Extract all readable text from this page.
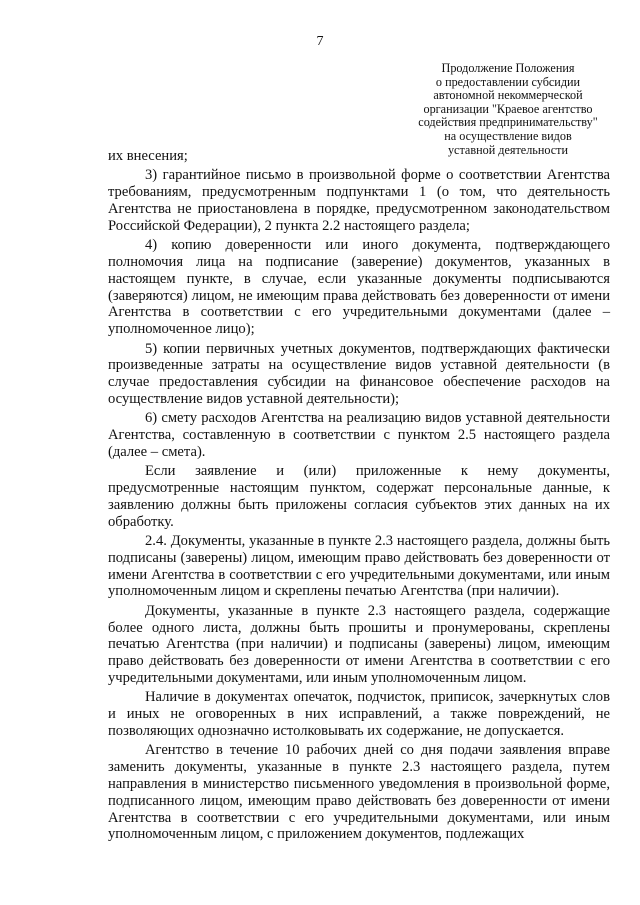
7
Продолжение Положения
о предоставлении субсидии
автономной некоммерческой
организации "Краевое агентство
содействия предпринимательству"
на осуществление видов
уставной деятельности

их внесения;

3) гарантийное письмо в произвольной форме о соответствии Агентства требованиям, предусмотренным подпунктами 1 (о том, что деятельность Агентства не приостановлена в порядке, предусмотренном законодательством Российской Федерации), 2 пункта 2.2 настоящего раздела;

4) копию доверенности или иного документа, подтверждающего полномочия лица на подписание (заверение) документов, указанных в настоящем пункте, в случае, если указанные документы подписываются (заверяются) лицом, не имеющим права действовать без доверенности от имени Агентства в соответствии с его учредительными документами (далее – уполномоченное лицо);

5) копии первичных учетных документов, подтверждающих фактически произведенные затраты на осуществление видов уставной деятельности (в случае предоставления субсидии на финансовое обеспечение расходов на осуществление видов уставной деятельности);

6) смету расходов Агентства на реализацию видов уставной деятельности Агентства, составленную в соответствии с пунктом 2.5 настоящего раздела (далее – смета).

Если заявление и (или) приложенные к нему документы, предусмотренные настоящим пунктом, содержат персональные данные, к заявлению должны быть приложены согласия субъектов этих данных на их обработку.

2.4. Документы, указанные в пункте 2.3 настоящего раздела, должны быть подписаны (заверены) лицом, имеющим право действовать без доверенности от имени Агентства в соответствии с его учредительными документами, или иным уполномоченным лицом и скреплены печатью Агентства (при наличии).

Документы, указанные в пункте 2.3 настоящего раздела, содержащие более одного листа, должны быть прошиты и пронумерованы, скреплены печатью Агентства (при наличии) и подписаны (заверены) лицом, имеющим право действовать без доверенности от имени Агентства в соответствии с его учредительными документами, или иным уполномоченным лицом.

Наличие в документах опечаток, подчисток, приписок, зачеркнутых слов и иных не оговоренных в них исправлений, а также повреждений, не позволяющих однозначно истолковывать их содержание, не допускается.

Агентство в течение 10 рабочих дней со дня подачи заявления вправе заменить документы, указанные в пункте 2.3 настоящего раздела, путем направления в министерство письменного уведомления в произвольной форме, подписанного лицом, имеющим право действовать без доверенности от имени Агентства в соответствии с его учредительными документами, или иным уполномоченным лицом, с приложением документов, подлежащих
